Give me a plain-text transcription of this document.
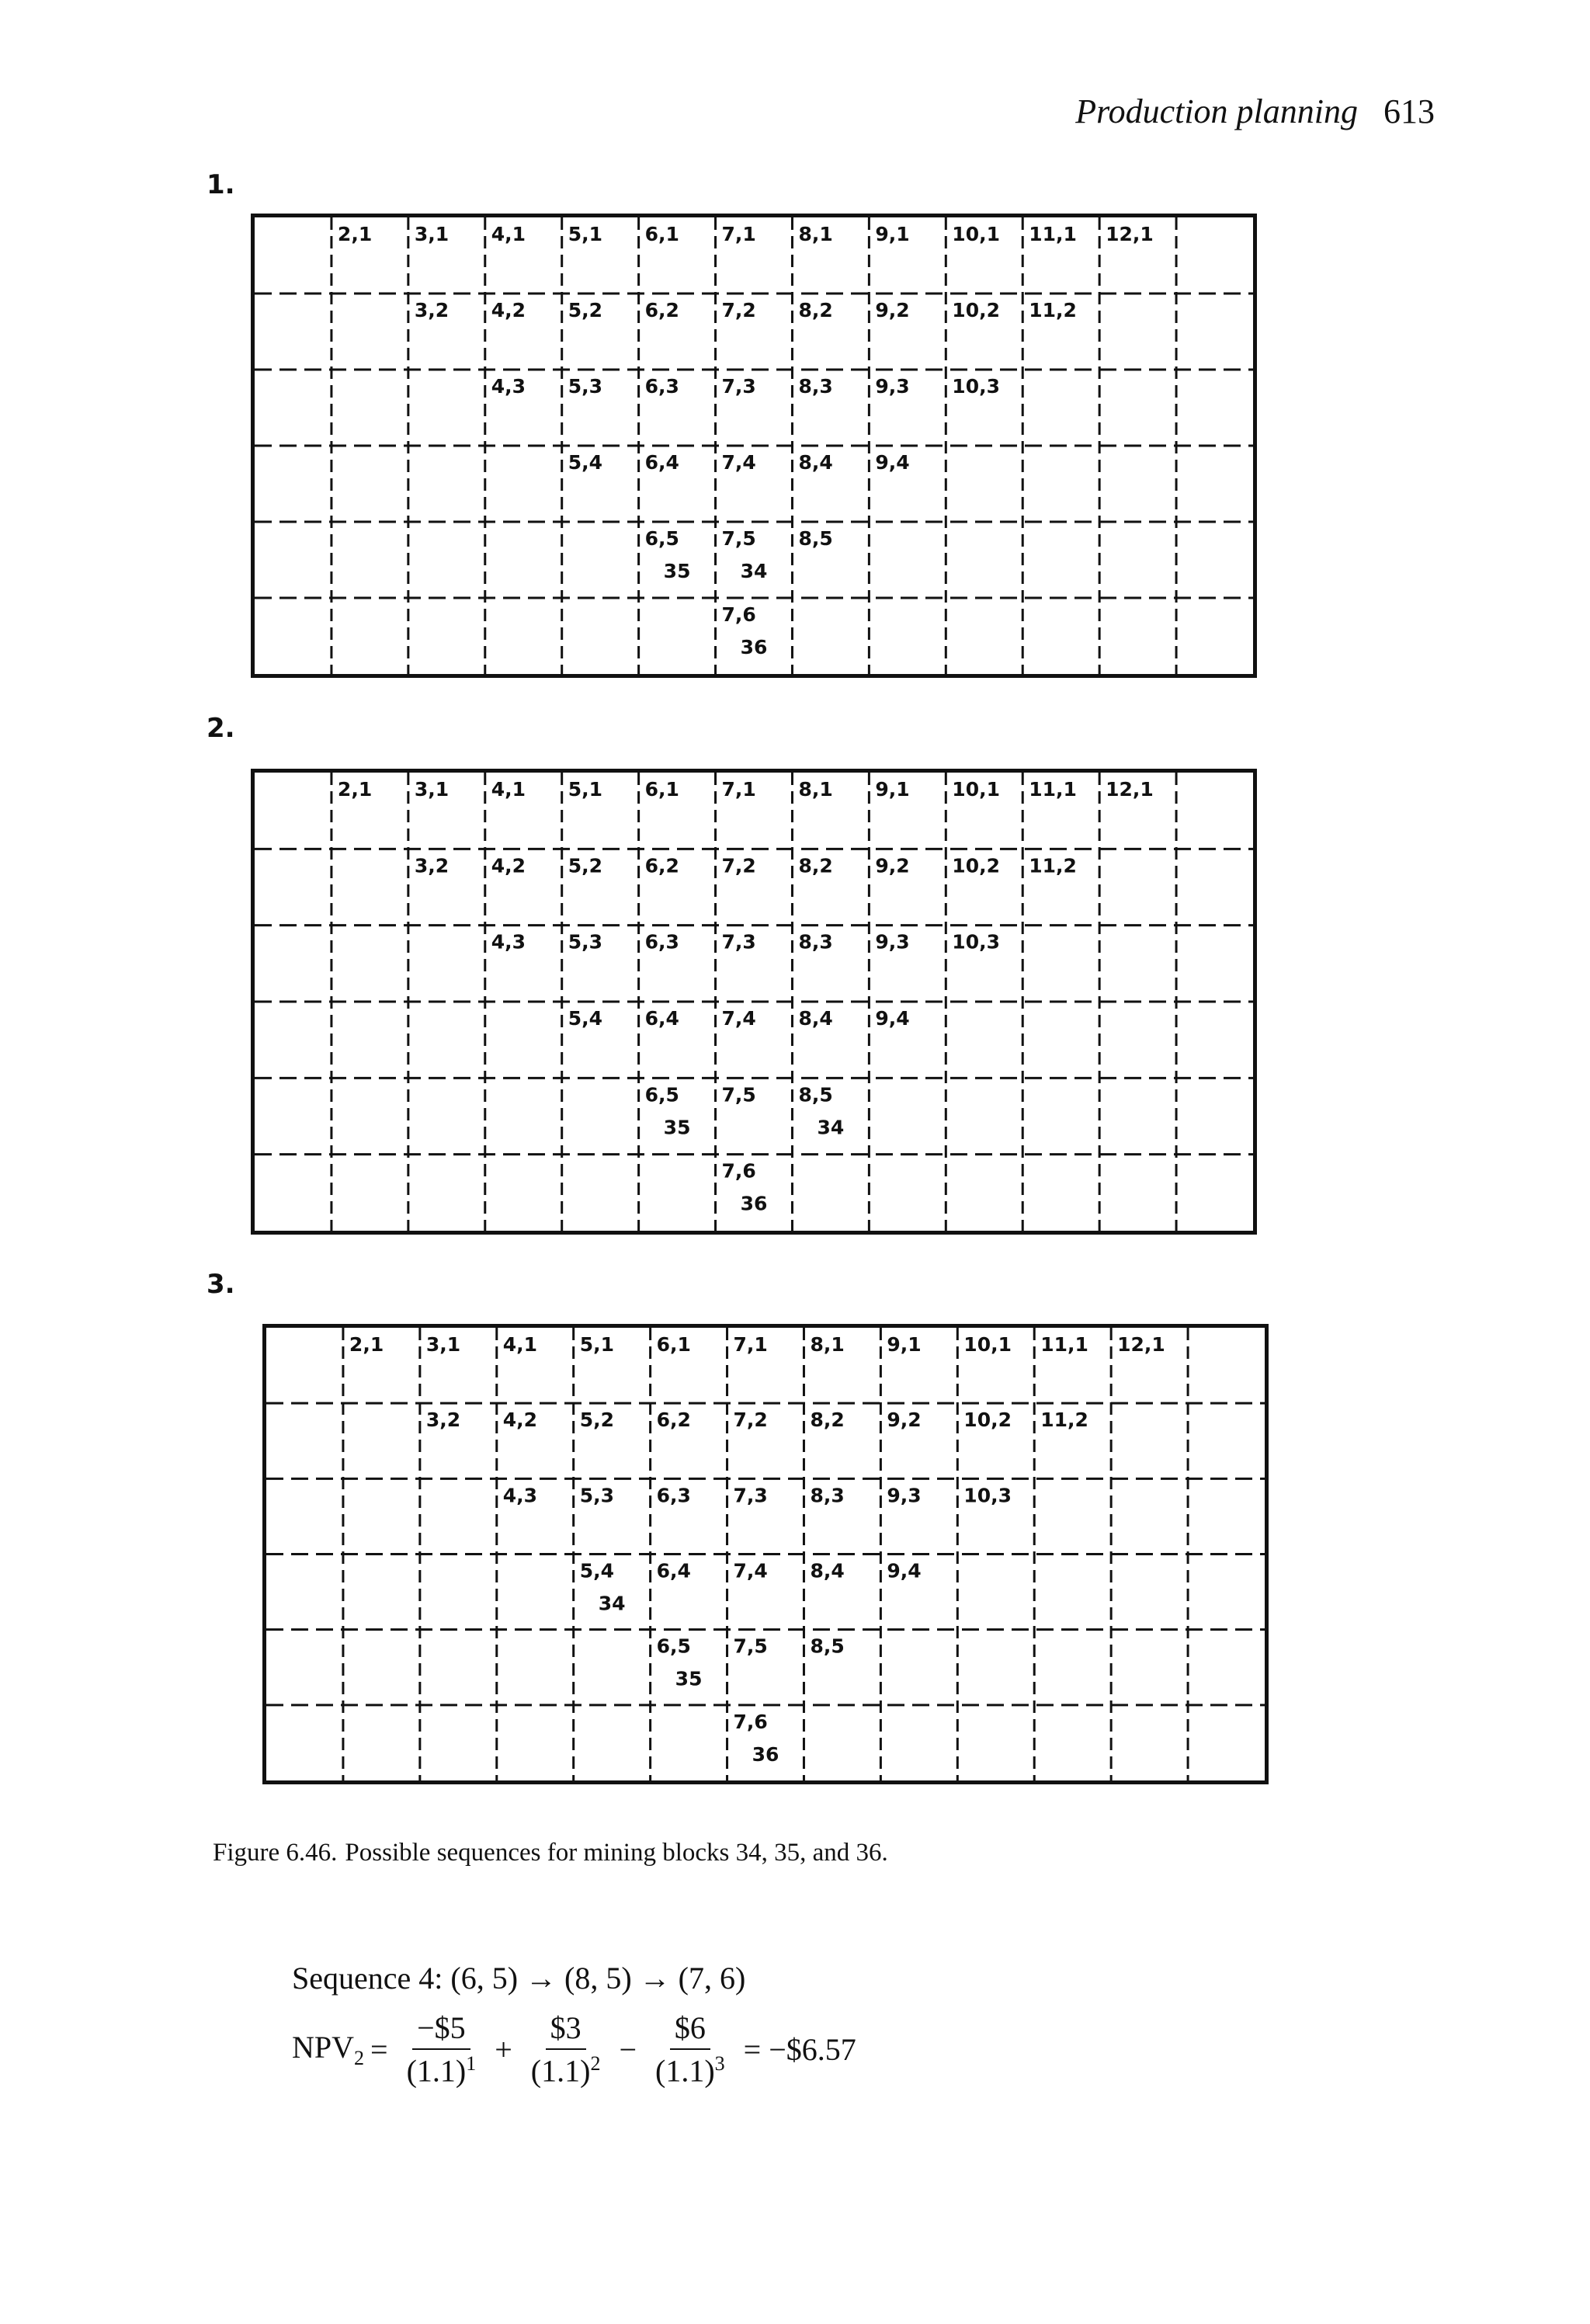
Production planning 613
1.
2,1 3,1 4,1 5,1 6,1 7,1 8,1 9,1 10,1 11,1 12,1
3,2 4,2 5,2 6,2 7,2 8,2 9,2 10,2 11,2
4,3 5,3 6,3 7,3 8,3 9,3 10,3
5,4 6,4 7,4 8,4 9,4
6,5
35
7,5
34
8,5
7,6
36
2.
2,1 3,1 4,1 5,1 6,1 7,1 8,1 9,1 10,1 11,1 12,1
3,2 4,2 5,2 6,2 7,2 8,2 9,2 10,2 11,2
4,3 5,3 6,3 7,3 8,3 9,3 10,3
5,4 6,4 7,4 8,4 9,4
6,5
35
7,5 8,5
34
7,6
36
3.
2,1 3,1 4,1 5,1 6,1 7,1 8,1 9,1 10,1 11,1 12,1
3,2 4,2 5,2 6,2 7,2 8,2 9,2 10,2 11,2
4,3 5,3 6,3 7,3 8,3 9,3 10,3
5,4
34
6,4 7,4 8,4 9,4
6,5
35
7,5 8,5
7,6
36
Figure 6.46. Possible sequences for mining blocks 34, 35, and 36.
Sequence 4: (6, 5) → (8, 5) → (7, 6)
$NPV_2 = \frac{-\$5}{(1.1)^1} + \frac{\$3}{(1.1)^2} - \frac{\$6}{(1.1)^3}$ = −$6.57
